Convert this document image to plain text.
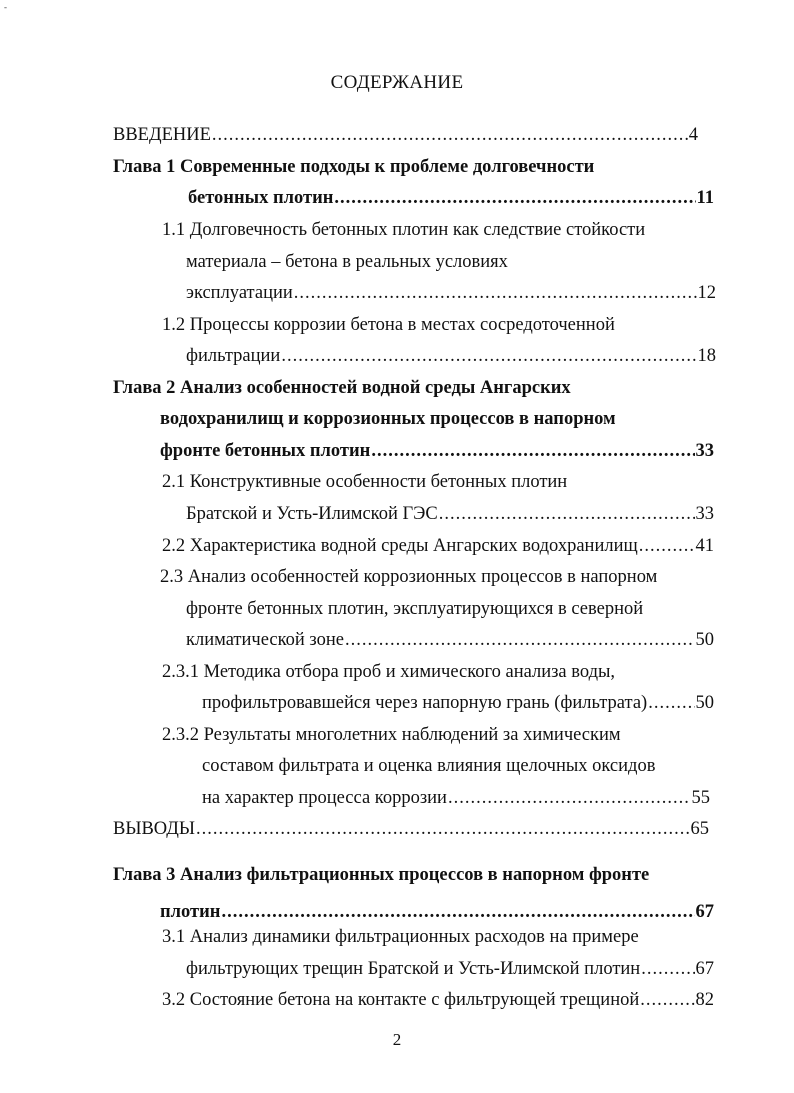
-
СОДЕРЖАНИЕ
ВВЕДЕНИЕ .....	4
Глава 1 Современные подходы к проблеме долговечности
бетонных плотин .....	11
1.1 Долговечность бетонных плотин как следствие стойкости
материала – бетона в реальных условиях
эксплуатации .....	12
1.2 Процессы коррозии бетона в местах сосредоточенной
фильтрации .....	18
Глава 2 Анализ особенностей водной среды Ангарских
водохранилищ и коррозионных процессов в напорном
фронте бетонных плотин .....	33
2.1 Конструктивные особенности бетонных плотин
Братской и Усть-Илимской ГЭС .....	33
2.2 Характеристика водной среды Ангарских водохранилищ .....	41
2.3 Анализ особенностей коррозионных процессов в напорном
фронте бетонных плотин, эксплуатирующихся в северной
климатической зоне .....	50
2.3.1 Методика отбора проб и химического анализа воды,
профильтровавшейся через напорную грань (фильтрата) .....	50
2.3.2 Результаты многолетних наблюдений за химическим
составом фильтрата и оценка влияния щелочных оксидов
на характер процесса коррозии .....	55
ВЫВОДЫ .....	65
Глава 3 Анализ фильтрационных процессов в напорном фронте
плотин .....	67
3.1 Анализ динамики фильтрационных расходов на примере
фильтрующих трещин Братской и Усть-Илимской плотин .....	67
3.2 Состояние бетона на контакте с фильтрующей трещиной .....	82
2
